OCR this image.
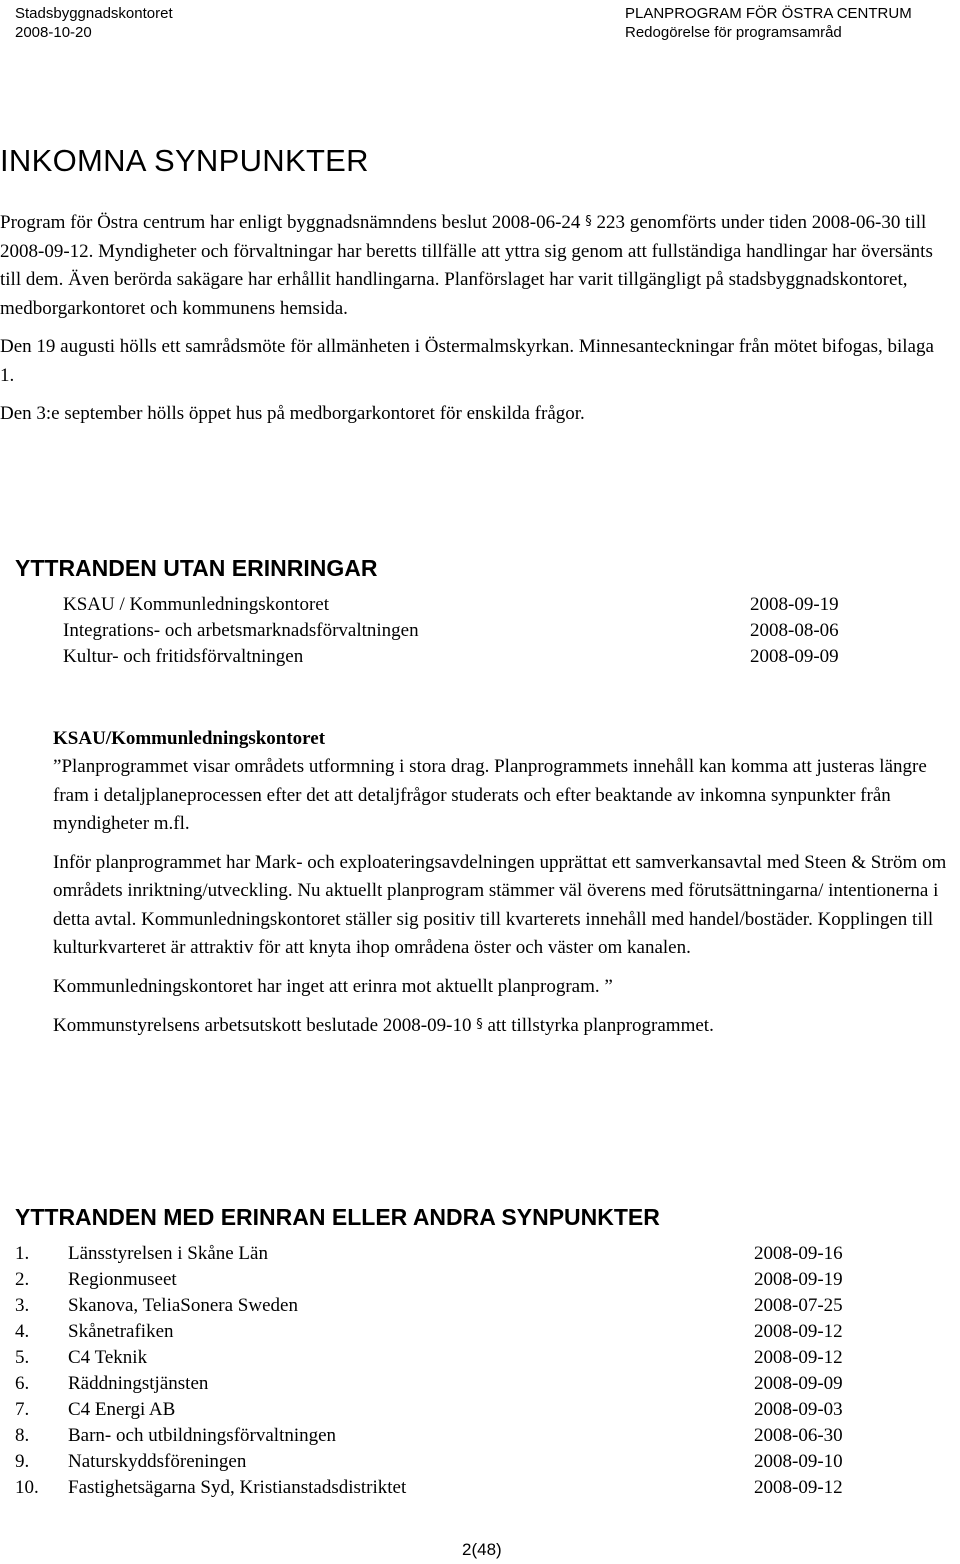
Stadsbyggnadskontoret
2008-10-20
PLANPROGRAM FÖR ÖSTRA CENTRUM
Redogörelse för programsamråd
INKOMNA SYNPUNKTER

Program för Östra centrum har enligt byggnadsnämndens beslut 2008-06-24 § 223 genomförts under tiden 2008-06-30 till 2008-09-12. Myndigheter och förvaltningar har beretts tillfälle att yttra sig genom att fullständiga handlingar har översänts till dem. Även berörda sakägare har erhållit handlingarna. Planförslaget har varit tillgängligt på stadsbyggnadskontoret, medborgarkontoret och kommunens hemsida.

Den 19 augusti hölls ett samrådsmöte för allmänheten i Östermalmskyrkan. Minnesanteckningar från mötet bifogas, bilaga 1.

Den 3:e september hölls öppet hus på medborgarkontoret för enskilda frågor.

YTTRANDEN UTAN ERINRINGAR
KSAU / Kommunledningskontoret	2008-09-19
Integrations- och arbetsmarknadsförvaltningen	2008-08-06
Kultur- och fritidsförvaltningen	2008-09-09
KSAU/Kommunledningskontoret

”Planprogrammet visar områdets utformning i stora drag. Planprogrammets innehåll kan komma att justeras längre fram i detaljplaneprocessen efter det att detaljfrågor studerats och efter beaktande av inkomna synpunkter från myndigheter m.fl.

Inför planprogrammet har Mark- och exploateringsavdelningen upprättat ett samverkansavtal med Steen & Ström om områdets inriktning/utveckling. Nu aktuellt planprogram stämmer väl överens med förutsättningarna/ intentionerna i detta avtal. Kommunledningskontoret ställer sig positiv till kvarterets innehåll med handel/bostäder. Kopplingen till kulturkvarteret är attraktiv för att knyta ihop områdena öster och väster om kanalen.

Kommunledningskontoret har inget att erinra mot aktuellt planprogram. ”

Kommunstyrelsens arbetsutskott beslutade 2008-09-10 § att tillstyrka planprogrammet.

YTTRANDEN MED ERINRAN ELLER ANDRA SYNPUNKTER
1.	Länsstyrelsen i Skåne Län	2008-09-16
2.	Regionmuseet	2008-09-19
3.	Skanova, TeliaSonera Sweden	2008-07-25
4.	Skånetrafiken	2008-09-12
5.	C4 Teknik	2008-09-12
6.	Räddningstjänsten	2008-09-09
7.	C4 Energi AB	2008-09-03
8.	Barn- och utbildningsförvaltningen	2008-06-30
9.	Naturskyddsföreningen	2008-09-10
10.	Fastighetsägarna Syd, Kristianstadsdistriktet	2008-09-12
2(48)
